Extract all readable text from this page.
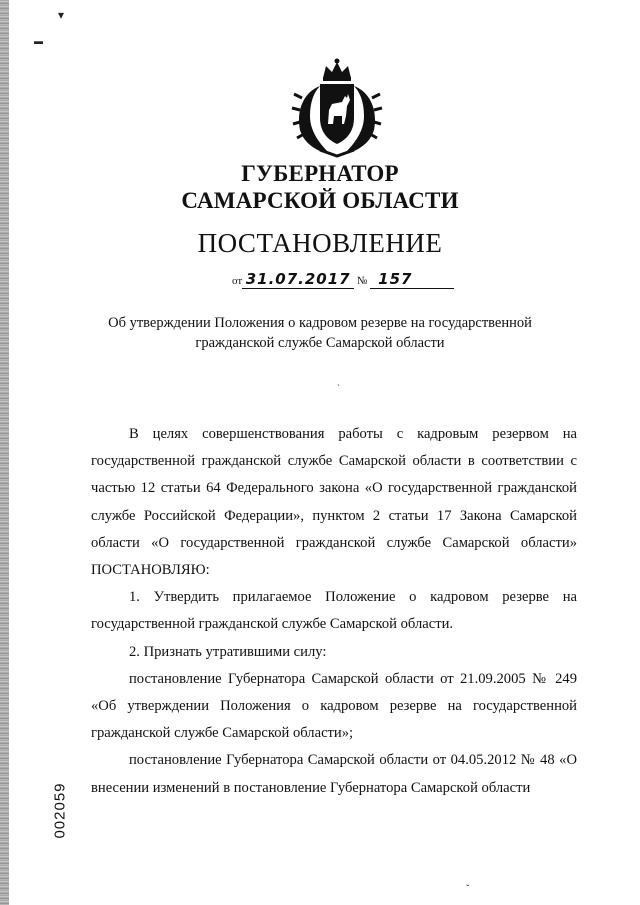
▾
▬
ГУБЕРНАТОР
САМАРСКОЙ ОБЛАСТИ
ПОСТАНОВЛЕНИЕ
от 31.07.2017 № 157
Об утверждении Положения о кадровом резерве на государственной
гражданской службе Самарской области
ˏ

В целях совершенствования работы с кадровым резервом на государственной гражданской службе Самарской области в соответствии с частью 12 статьи 64 Федерального закона «О государственной гражданской службе Российской Федерации», пунктом 2 статьи 17 Закона Самарской области «О государственной гражданской службе Самарской области» ПОСТАНОВЛЯЮ:

1. Утвердить прилагаемое Положение о кадровом резерве на государственной гражданской службе Самарской области.

2. Признать утратившими силу:

постановление Губернатора Самарской области от 21.09.2005 № 249 «Об утверждении Положения о кадровом резерве на государственной гражданской службе Самарской области»;

постановление Губернатора Самарской области от 04.05.2012 № 48 «О внесении изменений в постановление Губернатора Самарской области

002059
ˇ
